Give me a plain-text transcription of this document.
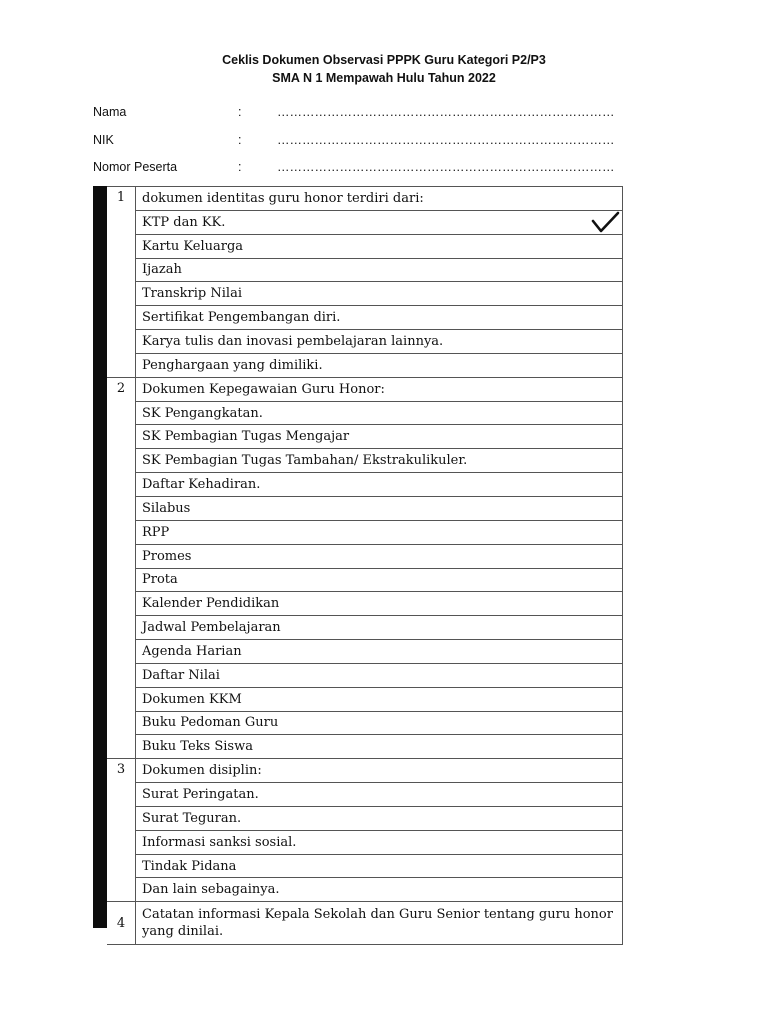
Ceklis Dokumen Observasi PPPK Guru Kategori P2/P3
SMA N 1 Mempawah Hulu Tahun 2022
Nama	:	………………………………………………………………………
NIK	:	………………………………………………………………………
Nomor Peserta	:	………………………………………………………………………
1	dokumen identitas guru honor terdiri dari:
	KTP dan KK.

	Kartu Keluarga
	Ijazah
	Transkrip Nilai
	Sertifikat Pengembangan diri.
	Karya tulis dan inovasi pembelajaran lainnya.
	Penghargaan yang dimiliki.
2	Dokumen Kepegawaian Guru Honor:
	SK Pengangkatan.
	SK Pembagian Tugas Mengajar
	SK Pembagian Tugas Tambahan/ Ekstrakulikuler.
	Daftar Kehadiran.
	Silabus
	RPP
	Promes
	Prota
	Kalender Pendidikan
	Jadwal Pembelajaran
	Agenda Harian
	Daftar Nilai
	Dokumen KKM
	Buku Pedoman Guru
	Buku Teks Siswa
3	Dokumen disiplin:
	Surat Peringatan.
	Surat Teguran.
	Informasi sanksi sosial.
	Tindak Pidana
	Dan lain sebagainya.
4	Catatan informasi Kepala Sekolah dan Guru Senior tentang guru honor yang dinilai.
